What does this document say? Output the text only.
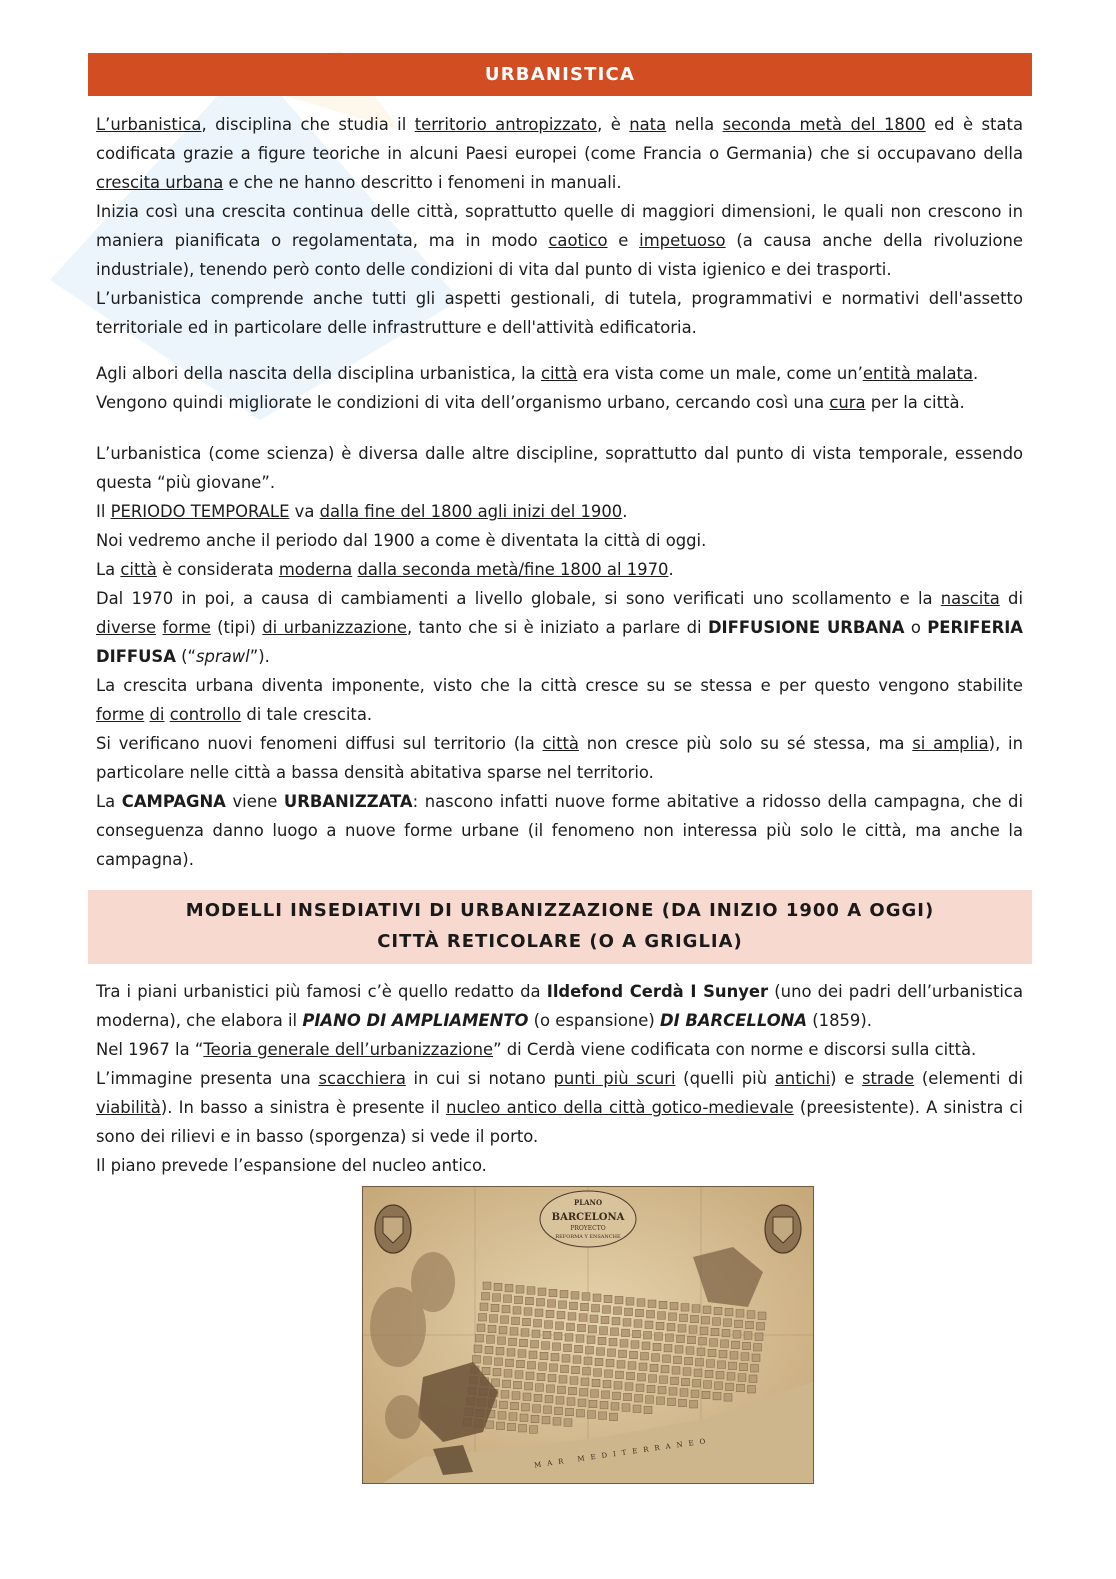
URBANISTICA

L’urbanistica, disciplina che studia il territorio antropizzato, è nata nella seconda metà del 1800 ed è stata codificata grazie a figure teoriche in alcuni Paesi europei (come Francia o Germania) che si occupavano della crescita urbana e che ne hanno descritto i fenomeni in manuali.

Inizia così una crescita continua delle città, soprattutto quelle di maggiori dimensioni, le quali non crescono in maniera pianificata o regolamentata, ma in modo caotico e impetuoso (a causa anche della rivoluzione industriale), tenendo però conto delle condizioni di vita dal punto di vista igienico e dei trasporti.

L’urbanistica comprende anche tutti gli aspetti gestionali, di tutela, programmativi e normativi dell'assetto territoriale ed in particolare delle infrastrutture e dell'attività edificatoria.

Agli albori della nascita della disciplina urbanistica, la città era vista come un male, come un’entità malata.

Vengono quindi migliorate le condizioni di vita dell’organismo urbano, cercando così una cura per la città.

L’urbanistica (come scienza) è diversa dalle altre discipline, soprattutto dal punto di vista temporale, essendo questa “più giovane”.

Il PERIODO TEMPORALE va dalla fine del 1800 agli inizi del 1900.

Noi vedremo anche il periodo dal 1900 a come è diventata la città di oggi.

La città è considerata moderna dalla seconda metà/fine 1800 al 1970.

Dal 1970 in poi, a causa di cambiamenti a livello globale, si sono verificati uno scollamento e la nascita di diverse forme (tipi) di urbanizzazione, tanto che si è iniziato a parlare di DIFFUSIONE URBANA o PERIFERIA DIFFUSA (“sprawl”).

La crescita urbana diventa imponente, visto che la città cresce su se stessa e per questo vengono stabilite forme di controllo di tale crescita.

Si verificano nuovi fenomeni diffusi sul territorio (la città non cresce più solo su sé stessa, ma si amplia), in particolare nelle città a bassa densità abitativa sparse nel territorio.

La CAMPAGNA viene URBANIZZATA: nascono infatti nuove forme abitative a ridosso della campagna, che di conseguenza danno luogo a nuove forme urbane (il fenomeno non interessa più solo le città, ma anche la campagna).

MODELLI INSEDIATIVI DI URBANIZZAZIONE (DA INIZIO 1900 A OGGI)
CITTÀ RETICOLARE (O A GRIGLIA)

Tra i piani urbanistici più famosi c’è quello redatto da Ildefond Cerdà I Sunyer (uno dei padri dell’urbanistica moderna), che elabora il PIANO DI AMPLIAMENTO (o espansione) DI BARCELLONA (1859).

Nel 1967 la “Teoria generale dell’urbanizzazione” di Cerdà viene codificata con norme e discorsi sulla città.

L’immagine presenta una scacchiera in cui si notano punti più scuri (quelli più antichi) e strade (elementi di viabilità). In basso a sinistra è presente il nucleo antico della città gotico-medievale (preesistente). A sinistra ci sono dei rilievi e in basso (sporgenza) si vede il porto.

Il piano prevede l’espansione del nucleo antico.

PLANO
BARCELONA
PROYECTO
REFORMA Y ENSANCHE
MAR MEDITERRANEO
